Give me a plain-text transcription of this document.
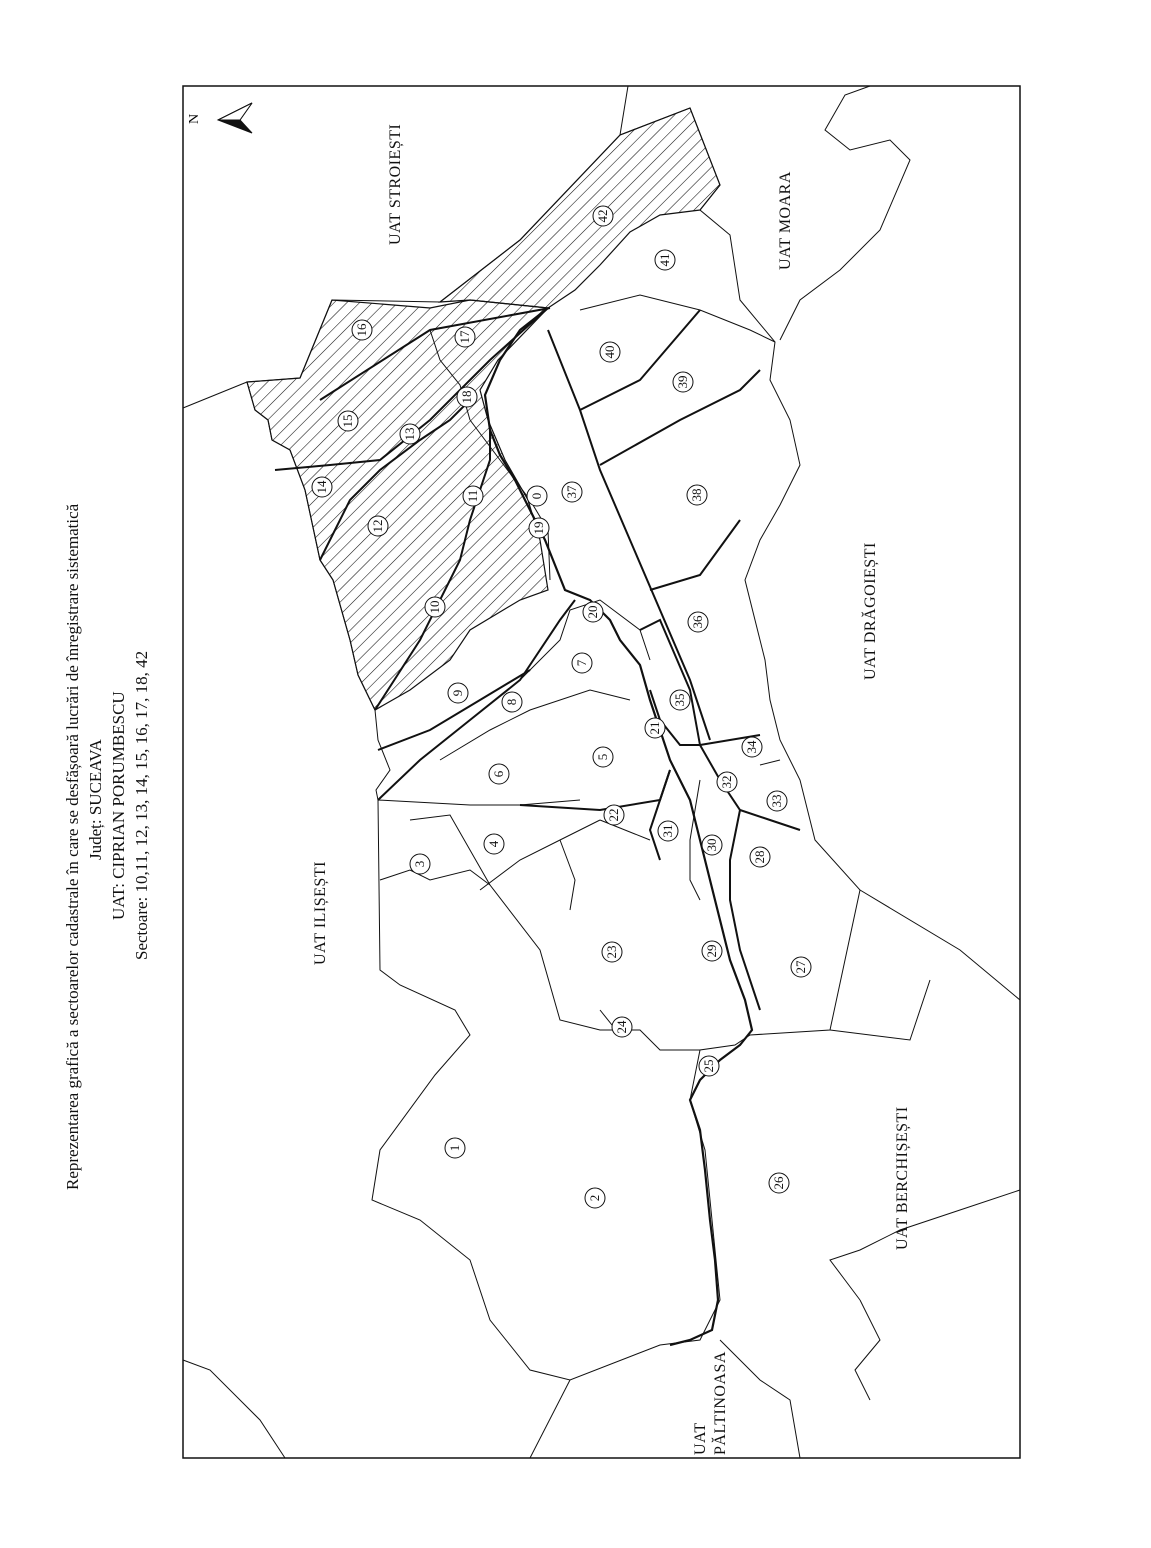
Reprezentarea grafică a sectoarelor cadastrale în care se desfășoară lucrări de înregistrare sistematică Județ: SUCEAVA UAT: CIPRIAN PORUMBESCU Sectoare: 10,11, 12, 13, 14, 15, 16, 17, 18, 42
N
UAT STROIEȘTI	UAT MOARA
UAT DRĂGOIEȘTI
UAT ILIȘEȘTI
UAT BERCHIȘEȘTI
UAT PĂLTINOASA
1
2
3
4
5
6
7
8
9
10
11
12
13
14
15
16
17
18
19
0
20
21
22
23
24
25
26
27
28
29
30
31
32
33
34
35
36
37	38
39
40
41
42
